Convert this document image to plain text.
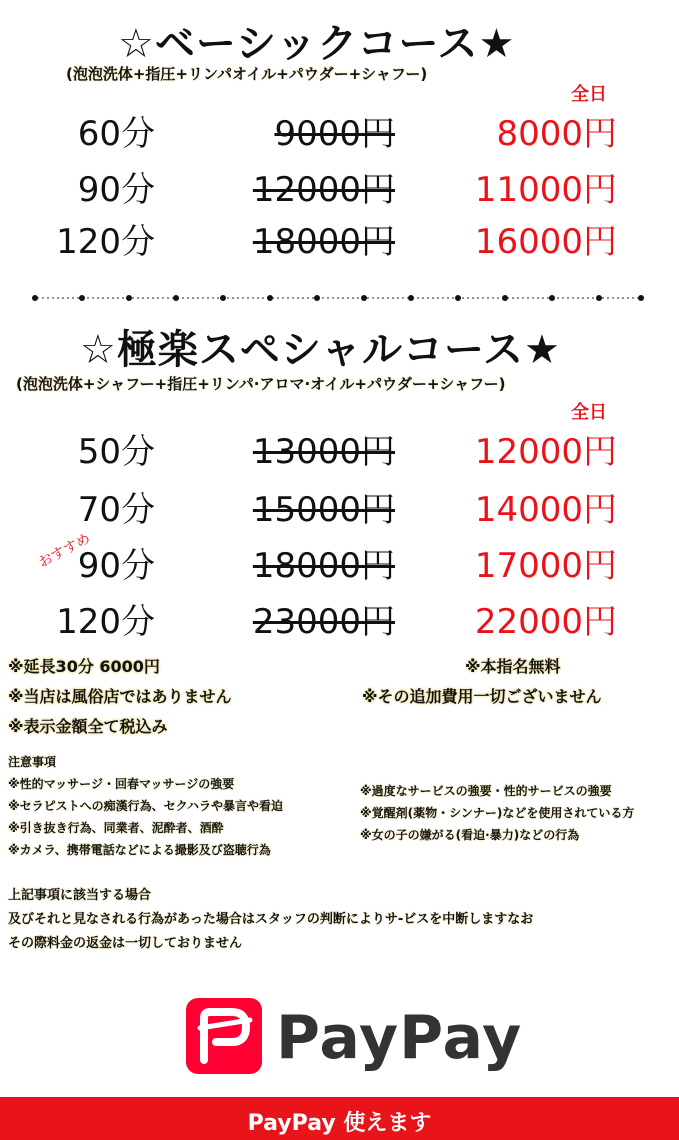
☆ベーシックコース★
(泡泡洗体+指圧+リンパオイル+パウダー+シャフー)
全日
60分	9000円	8000円
90分	12000円	11000円
120分	18000円	16000円
☆極楽スペシャルコース★
(泡泡洗体+シャフー+指圧+リンパ·アロマ·オイル+パウダー+シャフー)
全日
50分	13000円	12000円
70分	15000円	14000円
おすすめ
90分	18000円	17000円
120分	23000円	22000円
※延長30分 6000円
※当店は風俗店ではありません
※表示金額全て税込み
※本指名無料
※その追加費用一切ございません
注意事項
※性的マッサージ・回春マッサージの強要
※セラピストへの痴漢行為、セクハラや暴言や看迫
※引き抜き行為、同業者、泥酔者、酒酔
※カメラ、携帯電話などによる撮影及び盗聴行為
※過度なサービスの強要・性的サービスの強要
※覚醒剤(薬物・シンナー)などを使用されている方
※女の子の嫌がる(看迫·暴力)などの行為
上記事項に該当する場合
及びそれと見なされる行為があった場合はスタッフの判断によりサ-ビスを中断しますなお
その際料金の返金は一切しておりません
PayPay
PayPay 使えます
